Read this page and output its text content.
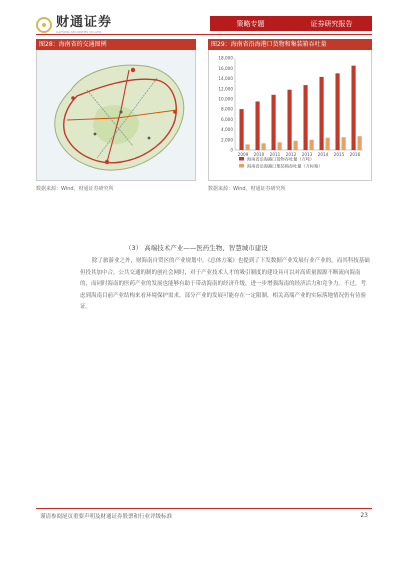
财通证券
CAITONG SECURITIES CO.,LTD.
策略专题	证券研究报告
图28：海南省的交通图例
数据来源：Wind，财通证券研究所
图29：海南省沿海港口货物和集装箱吞吐量
0
2,000
4,000
6,000
8,000
10,000
12,000
14,000
16,000
18,000
2009 2010 2011 2012 2013 2014 2015 2016
海南省沿海港口货物吞吐量（万吨）
海南省沿海港口集装箱吞吐量（万标箱）
数据来源：Wind，财通证券研究所
（3） 高端技术产业——医药生物、智慧城市建设

除了旅游业之外，财海南自贸区的产业规划中，《总体方案》也提到了下发数据产业发展行业产业的，而其科技基础但投其加中合，公共交通的制的创社会网时，对于产业技术人才的吸引制度的建设具可以对高质量源源不断流向海南的，而同时海南的医药产业的发展也能够有助于带动海南的经济升级，进一步增强海南的经济活力和竞争力。不过，考虑到海南目前产业结构来看环境保护需求，部分产业的发展可能存在一定限制，相关高端产业的实际落地情况仍有待验证。

谨请参阅尾页重要声明及财通证券股票和行业评级标准	23
